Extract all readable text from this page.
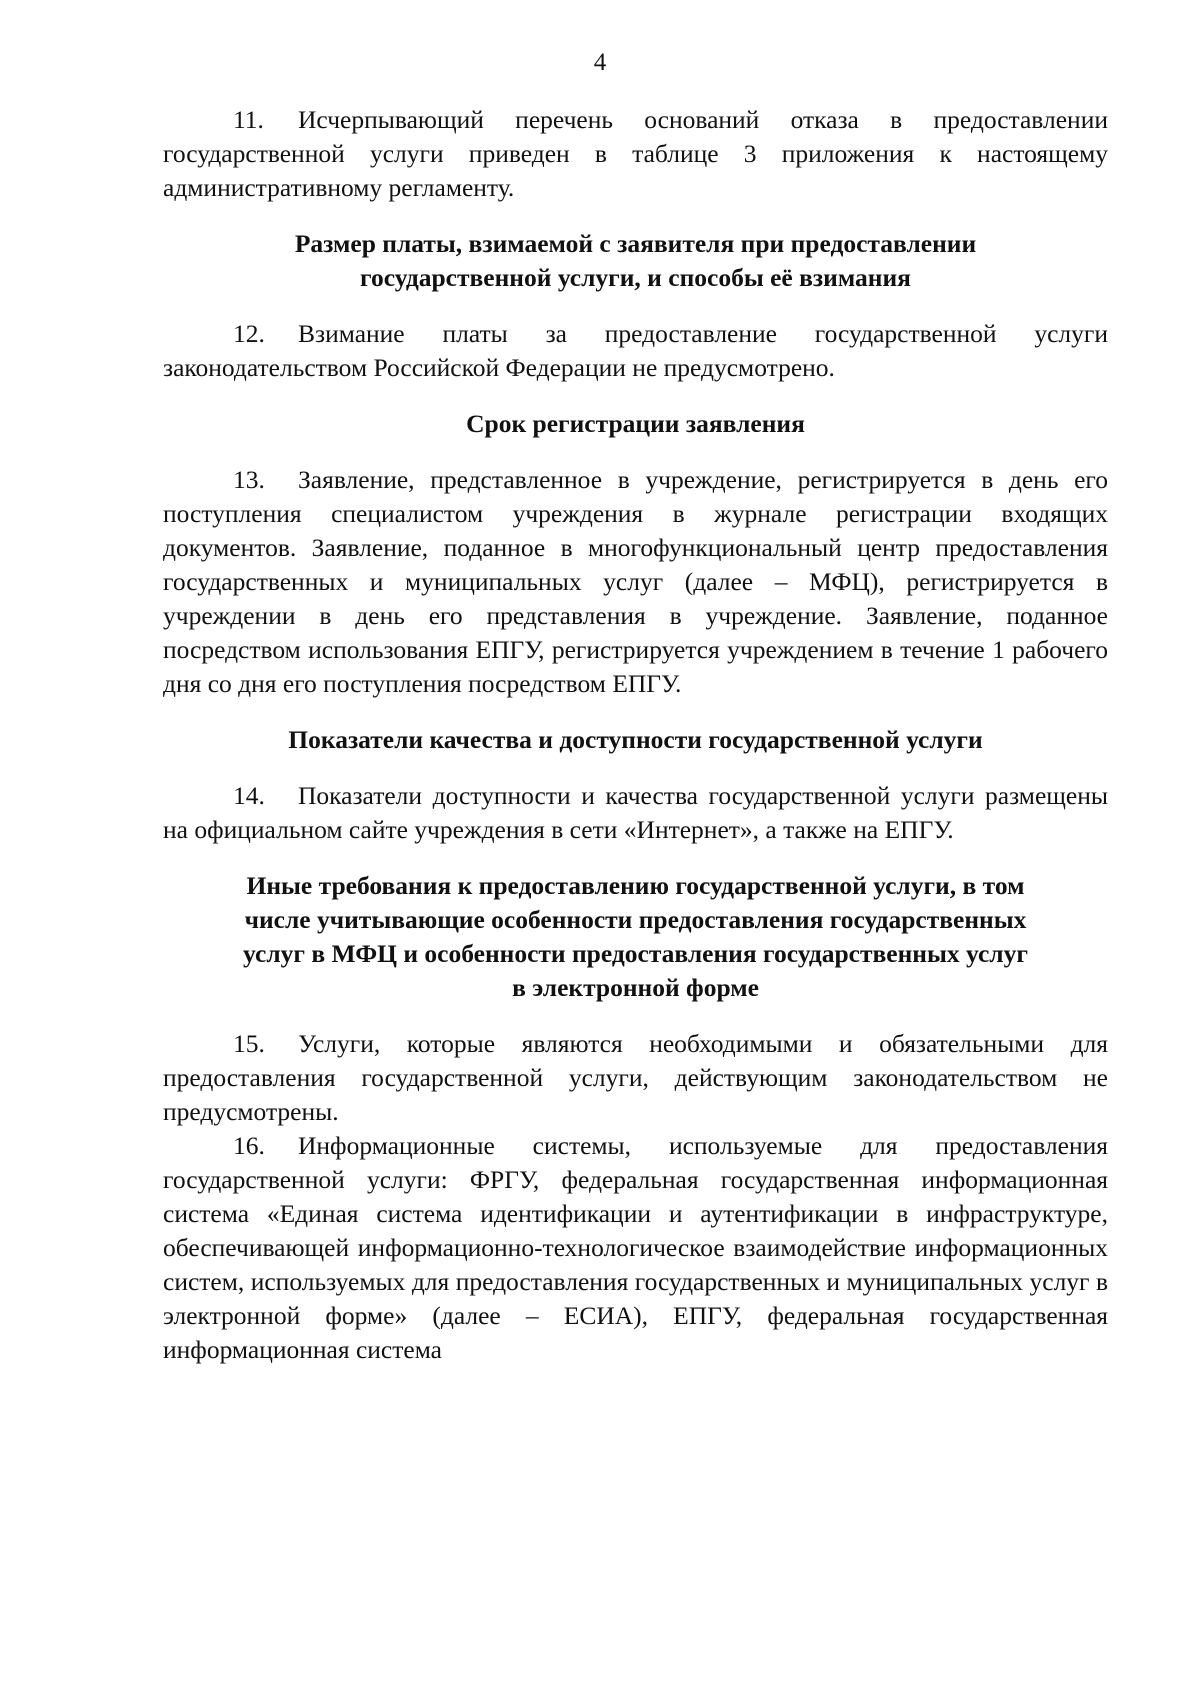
4

11. Исчерпывающий перечень оснований отказа в предоставлении государственной услуги приведен в таблице 3 приложения к настоящему административному регламенту.

Размер платы, взимаемой с заявителя при предоставлении
государственной услуги, и способы её взимания

12. Взимание платы за предоставление государственной услуги законодательством Российской Федерации не предусмотрено.

Срок регистрации заявления

13. Заявление, представленное в учреждение, регистрируется в день его поступления специалистом учреждения в журнале регистрации входящих документов. Заявление, поданное в многофункциональный центр предоставления государственных и муниципальных услуг (далее – МФЦ), регистрируется в учреждении в день его представления в учреждение. Заявление, поданное посредством использования ЕПГУ, регистрируется учреждением в течение 1 рабочего дня со дня его поступления посредством ЕПГУ.

Показатели качества и доступности государственной услуги

14. Показатели доступности и качества государственной услуги размещены на официальном сайте учреждения в сети «Интернет», а также на ЕПГУ.

Иные требования к предоставлению государственной услуги, в том
числе учитывающие особенности предоставления государственных
услуг в МФЦ и особенности предоставления государственных услуг
в электронной форме

15. Услуги, которые являются необходимыми и обязательными для предоставления государственной услуги, действующим законодательством не предусмотрены.

16. Информационные системы, используемые для предоставления государственной услуги: ФРГУ, федеральная государственная информационная система «Единая система идентификации и аутентификации в инфраструктуре, обеспечивающей информационно-технологическое взаимодействие информационных систем, используемых для предоставления государственных и муниципальных услуг в электронной форме» (далее – ЕСИА), ЕПГУ, федеральная государственная информационная система
